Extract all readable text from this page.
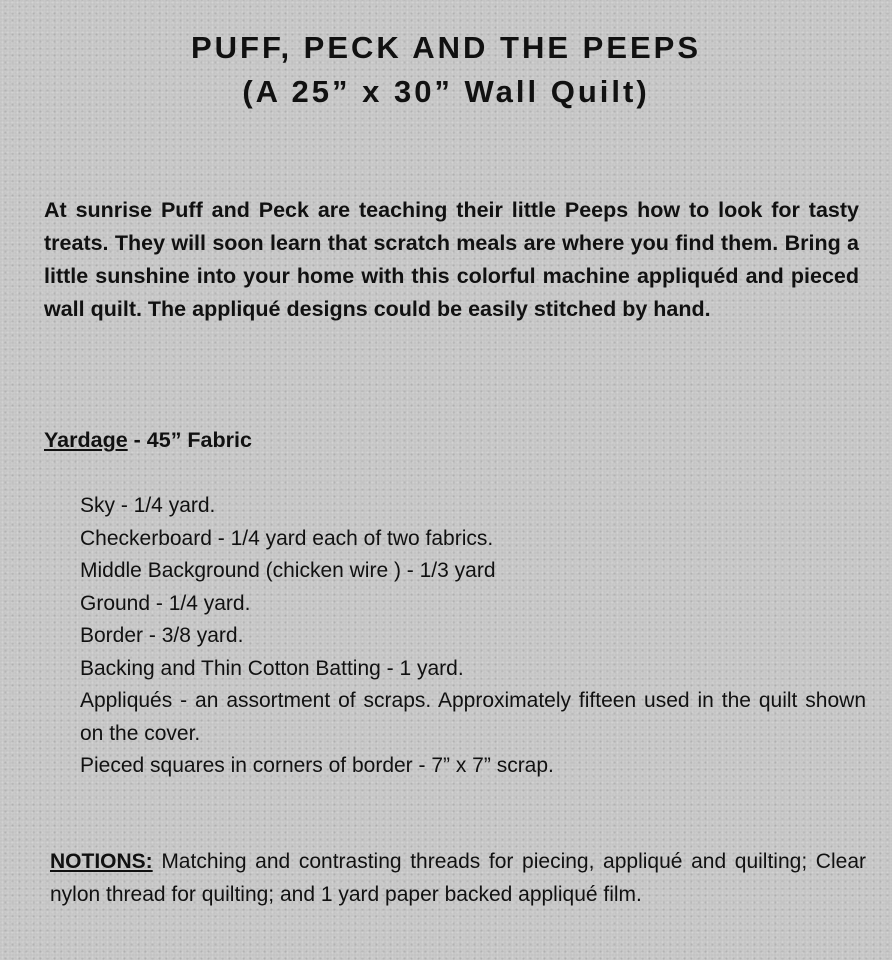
PUFF, PECK AND THE PEEPS
(A 25” x 30” Wall Quilt)

At sunrise Puff and Peck are teaching their little Peeps how to look for tasty treats. They will soon learn that scratch meals are where you find them. Bring a little sunshine into your home with this colorful machine appliquéd and pieced wall quilt. The appliqué designs could be easily stitched by hand.

Yardage - 45” Fabric

Sky - 1/4 yard.
Checkerboard - 1/4 yard each of two fabrics.
Middle Background (chicken wire ) - 1/3 yard
Ground - 1/4 yard.
Border - 3/8 yard.
Backing and Thin Cotton Batting - 1 yard.
Appliqués - an assortment of scraps. Approximately fifteen used in the quilt shown on the cover.
Pieced squares in corners of border - 7” x 7” scrap.

NOTIONS: Matching and contrasting threads for piecing, appliqué and quilting; Clear nylon thread for quilting; and 1 yard paper backed appliqué film.
